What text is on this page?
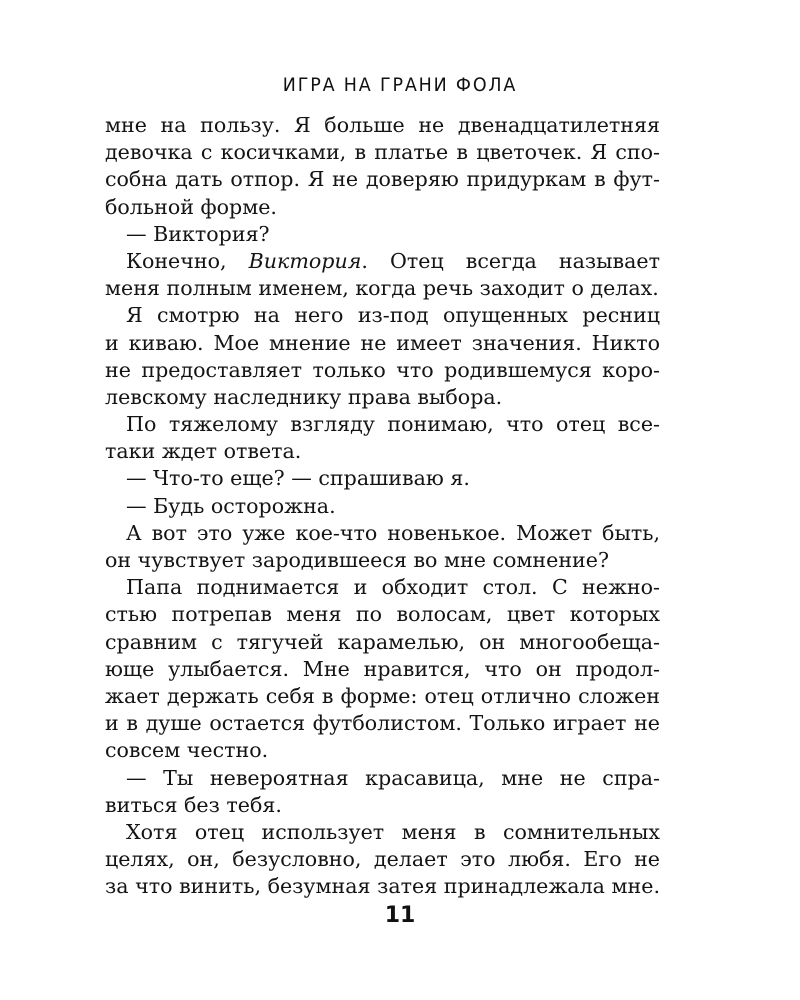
ИГРА НА ГРАНИ ФОЛА
мне на пользу. Я больше не двенадцатилетняя
девочка с косичками, в платье в цветочек. Я спо-
собна дать отпор. Я не доверяю придуркам в фут-
больной форме.
— Виктория?
Конечно, Виктория. Отец всегда называет
меня полным именем, когда речь заходит о делах.
Я смотрю на него из-под опущенных ресниц
и киваю. Мое мнение не имеет значения. Никто
не предоставляет только что родившемуся коро-
левскому наследнику права выбора.
По тяжелому взгляду понимаю, что отец все-
таки ждет ответа.
— Что-то еще? — спрашиваю я.
— Будь осторожна.
А вот это уже кое-что новенькое. Может быть,
он чувствует зародившееся во мне сомнение?
Папа поднимается и обходит стол. С нежно-
стью потрепав меня по волосам, цвет которых
сравним с тягучей карамелью, он многообеща-
юще улыбается. Мне нравится, что он продол-
жает держать себя в форме: отец отлично сложен
и в душе остается футболистом. Только играет не
совсем честно.
— Ты невероятная красавица, мне не спра-
виться без тебя.
Хотя отец использует меня в сомнительных
целях, он, безусловно, делает это любя. Его не
за что винить, безумная затея принадлежала мне.
11
